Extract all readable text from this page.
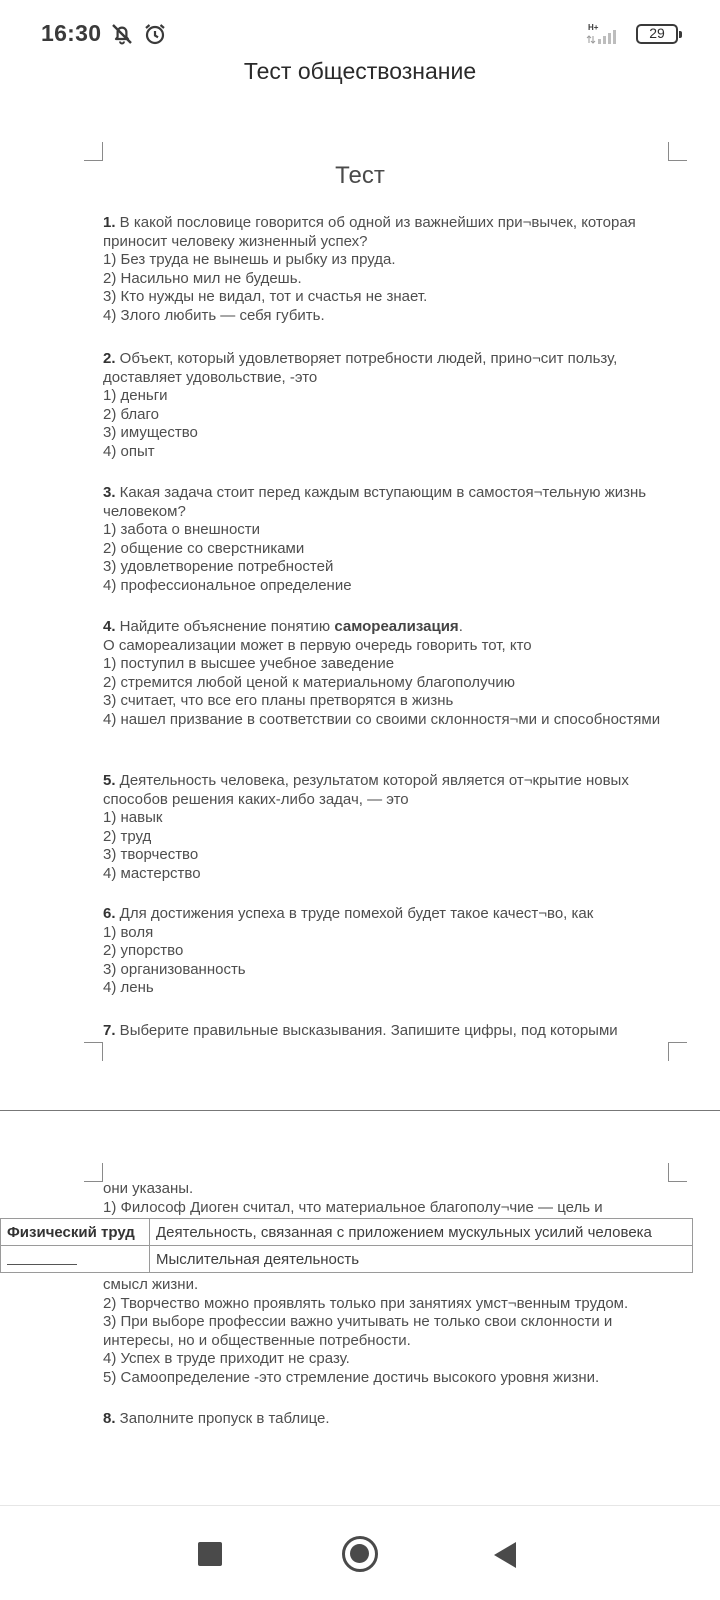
16:30	H+	29
Тест обществознание
Тест

1. В какой пословице говорится об одной из важнейших при¬вычек, которая приносит человеку жизненный успех?

1) Без труда не вынешь и рыбку из пруда.

2) Насильно мил не будешь.

3) Кто нужды не видал, тот и счастья не знает.

4) Злого любить — себя губить.

2. Объект, который удовлетворяет потребности людей, прино¬сит пользу, доставляет удовольствие, -это

1) деньги

2) благо

3) имущество

4) опыт

3. Какая задача стоит перед каждым вступающим в самостоя¬тельную жизнь человеком?

1) забота о внешности

2) общение со сверстниками

3) удовлетворение потребностей

4) профессиональное определение

4. Найдите объяснение понятию самореализация.

О самореализации может в первую очередь говорить тот, кто

1) поступил в высшее учебное заведение

2) стремится любой ценой к материальному благополучию

3) считает, что все его планы претворятся в жизнь

4) нашел призвание в соответствии со своими склонностя¬ми и способностями

5. Деятельность человека, результатом которой является от¬крытие новых способов решения каких-либо задач, — это

1) навык

2) труд

3) творчество

4) мастерство

6. Для достижения успеха в труде помехой будет такое качест¬во, как

1) воля

2) упорство

3) организованность

4) лень

7. Выберите правильные высказывания. Запишите цифры, под которыми

они указаны.

1) Философ Диоген считал, что материальное благополу¬чие — цель и

Физический труд	Деятельность, связанная с приложением мускульных усилий человека
	Мыслительная деятельность

смысл жизни.

2) Творчество можно проявлять только при занятиях умст¬венным трудом.

3) При выборе профессии важно учитывать не только свои склонности и интересы, но и общественные потребности.

4) Успех в труде приходит не сразу.

5) Самоопределение -это стремление достичь высокого уровня жизни.

8. Заполните пропуск в таблице.
